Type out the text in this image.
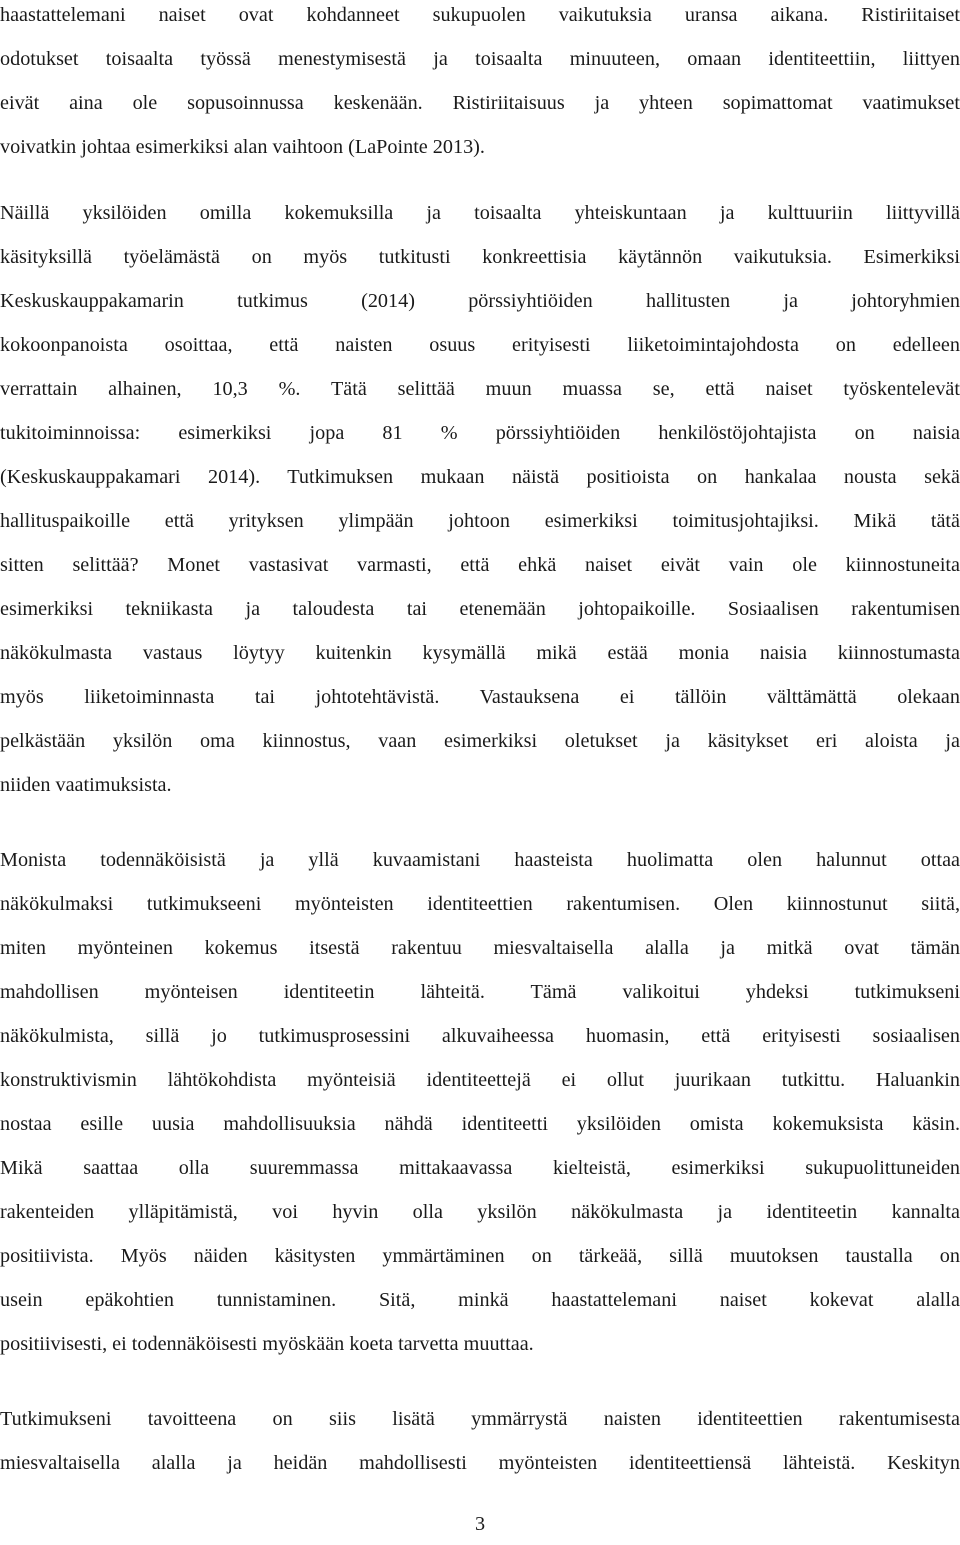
haastattelemani naiset ovat kohdanneet sukupuolen vaikutuksia uransa aikana. Ristiriitaiset
odotukset toisaalta työssä menestymisestä ja toisaalta minuuteen, omaan identiteettiin, liittyen
eivät aina ole sopusoinnussa keskenään. Ristiriitaisuus ja yhteen sopimattomat vaatimukset
voivatkin johtaa esimerkiksi alan vaihtoon (LaPointe 2013).
Näillä yksilöiden omilla kokemuksilla ja toisaalta yhteiskuntaan ja kulttuuriin liittyvillä
käsityksillä työelämästä on myös tutkitusti konkreettisia käytännön vaikutuksia. Esimerkiksi
Keskuskauppakamarin tutkimus (2014) pörssiyhtiöiden hallitusten ja johtoryhmien
kokoonpanoista osoittaa, että naisten osuus erityisesti liiketoimintajohdosta on edelleen
verrattain alhainen, 10,3 %. Tätä selittää muun muassa se, että naiset työskentelevät
tukitoiminnoissa: esimerkiksi jopa 81 % pörssiyhtiöiden henkilöstöjohtajista on naisia
(Keskuskauppakamari 2014). Tutkimuksen mukaan näistä positioista on hankalaa nousta sekä
hallituspaikoille että yrityksen ylimpään johtoon esimerkiksi toimitusjohtajiksi. Mikä tätä
sitten selittää? Monet vastasivat varmasti, että ehkä naiset eivät vain ole kiinnostuneita
esimerkiksi tekniikasta ja taloudesta tai etenemään johtopaikoille. Sosiaalisen rakentumisen
näkökulmasta vastaus löytyy kuitenkin kysymällä mikä estää monia naisia kiinnostumasta
myös liiketoiminnasta tai johtotehtävistä. Vastauksena ei tällöin välttämättä olekaan
pelkästään yksilön oma kiinnostus, vaan esimerkiksi oletukset ja käsitykset eri aloista ja
niiden vaatimuksista.
Monista todennäköisistä ja yllä kuvaamistani haasteista huolimatta olen halunnut ottaa
näkökulmaksi tutkimukseeni myönteisten identiteettien rakentumisen. Olen kiinnostunut siitä,
miten myönteinen kokemus itsestä rakentuu miesvaltaisella alalla ja mitkä ovat tämän
mahdollisen myönteisen identiteetin lähteitä. Tämä valikoitui yhdeksi tutkimukseni
näkökulmista, sillä jo tutkimusprosessini alkuvaiheessa huomasin, että erityisesti sosiaalisen
konstruktivismin lähtökohdista myönteisiä identiteettejä ei ollut juurikaan tutkittu. Haluankin
nostaa esille uusia mahdollisuuksia nähdä identiteetti yksilöiden omista kokemuksista käsin.
Mikä saattaa olla suuremmassa mittakaavassa kielteistä, esimerkiksi sukupuolittuneiden
rakenteiden ylläpitämistä, voi hyvin olla yksilön näkökulmasta ja identiteetin kannalta
positiivista. Myös näiden käsitysten ymmärtäminen on tärkeää, sillä muutoksen taustalla on
usein epäkohtien tunnistaminen. Sitä, minkä haastattelemani naiset kokevat alalla
positiivisesti, ei todennäköisesti myöskään koeta tarvetta muuttaa.
Tutkimukseni tavoitteena on siis lisätä ymmärrystä naisten identiteettien rakentumisesta
miesvaltaisella alalla ja heidän mahdollisesti myönteisten identiteettiensä lähteistä. Keskityn
3
